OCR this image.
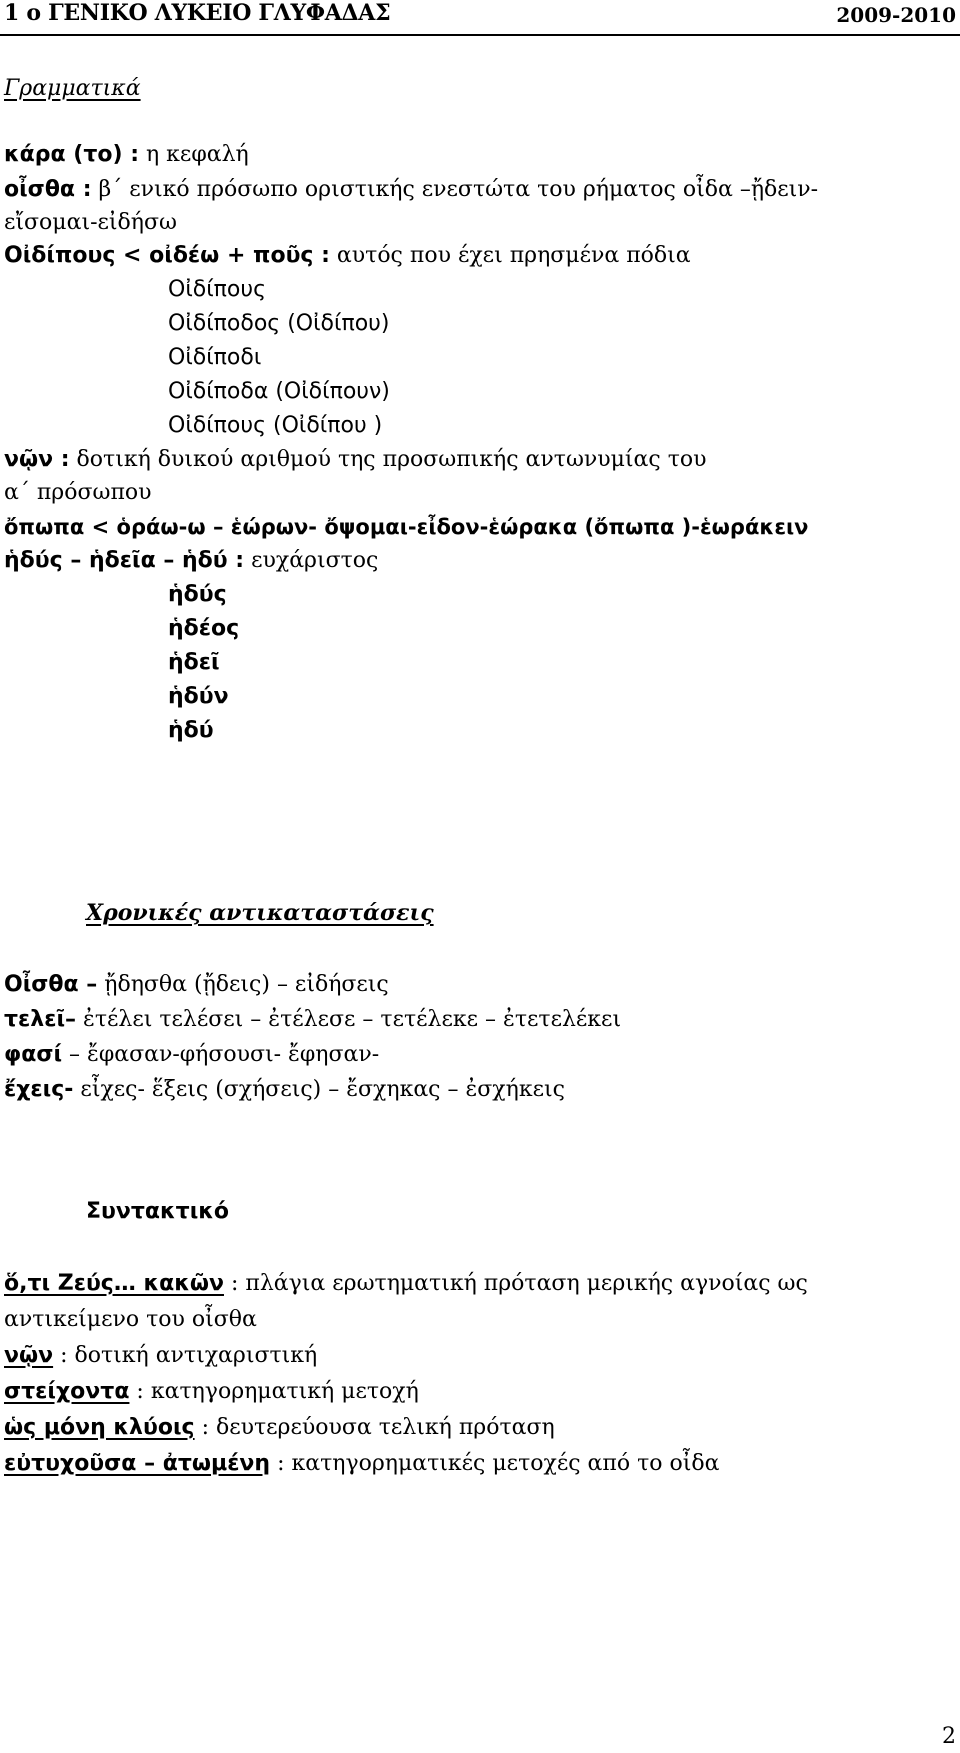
1 ο ΓΕΝΙΚΟ ΛΥΚΕΙΟ ΓΛΥΦΑΔΑΣ	2009-2010
Γραμματικά
κάρα (το) : η κεφαλή
οἶσθα : β΄ ενικό πρόσωπο οριστικής ενεστώτα του ρήματος οἶδα –ᾔδειν-
εἴσομαι-εἰδήσω
Οἰδίπους < οἰδέω + ποῦς : αυτός που έχει πρησμένα πόδια
Οἰδίπους
Οἰδίποδος (Οἰδίπου)
Οἰδίποδι
Οἰδίποδα (Οἰδίπουν)
Οἰδίπους (Οἰδίπου )
νῷν : δοτική δυικού αριθμού της προσωπικής αντωνυμίας του
α΄ πρόσωπου
ὄπωπα < ὁράω-ω – ἑώρων- ὄψομαι-εἶδον-ἑώρακα (ὄπωπα )-ἑωράκειν
ἡδύς – ἡδεῖα – ἡδύ : ευχάριστος
ἡδύς
ἡδέος
ἡδεῖ
ἡδύν
ἡδύ
Χρονικές αντικαταστάσεις
Οἶσθα – ᾔδησθα (ᾔδεις) – εἰδήσεις
τελεῖ– ἐτέλει τελέσει – ἐτέλεσε – τετέλεκε – ἐτετελέκει
φασί – ἔφασαν-φήσουσι- ἔφησαν-
ἔχεις- εἶχες- ἕξεις (σχήσεις) – ἔσχηκας – ἐσχήκεις
Συντακτικό
ὅ,τι Ζεύς… κακῶν : πλάγια ερωτηματική πρόταση μερικής αγνοίας ως
αντικείμενο του οἶσθα
νῷν : δοτική αντιχαριστική
στείχοντα : κατηγορηματική μετοχή
ὡς μόνη κλύοις : δευτερεύουσα τελική πρόταση
εὐτυχοῦσα – ἀτωμένη : κατηγορηματικές μετοχές από το οἶδα
2
